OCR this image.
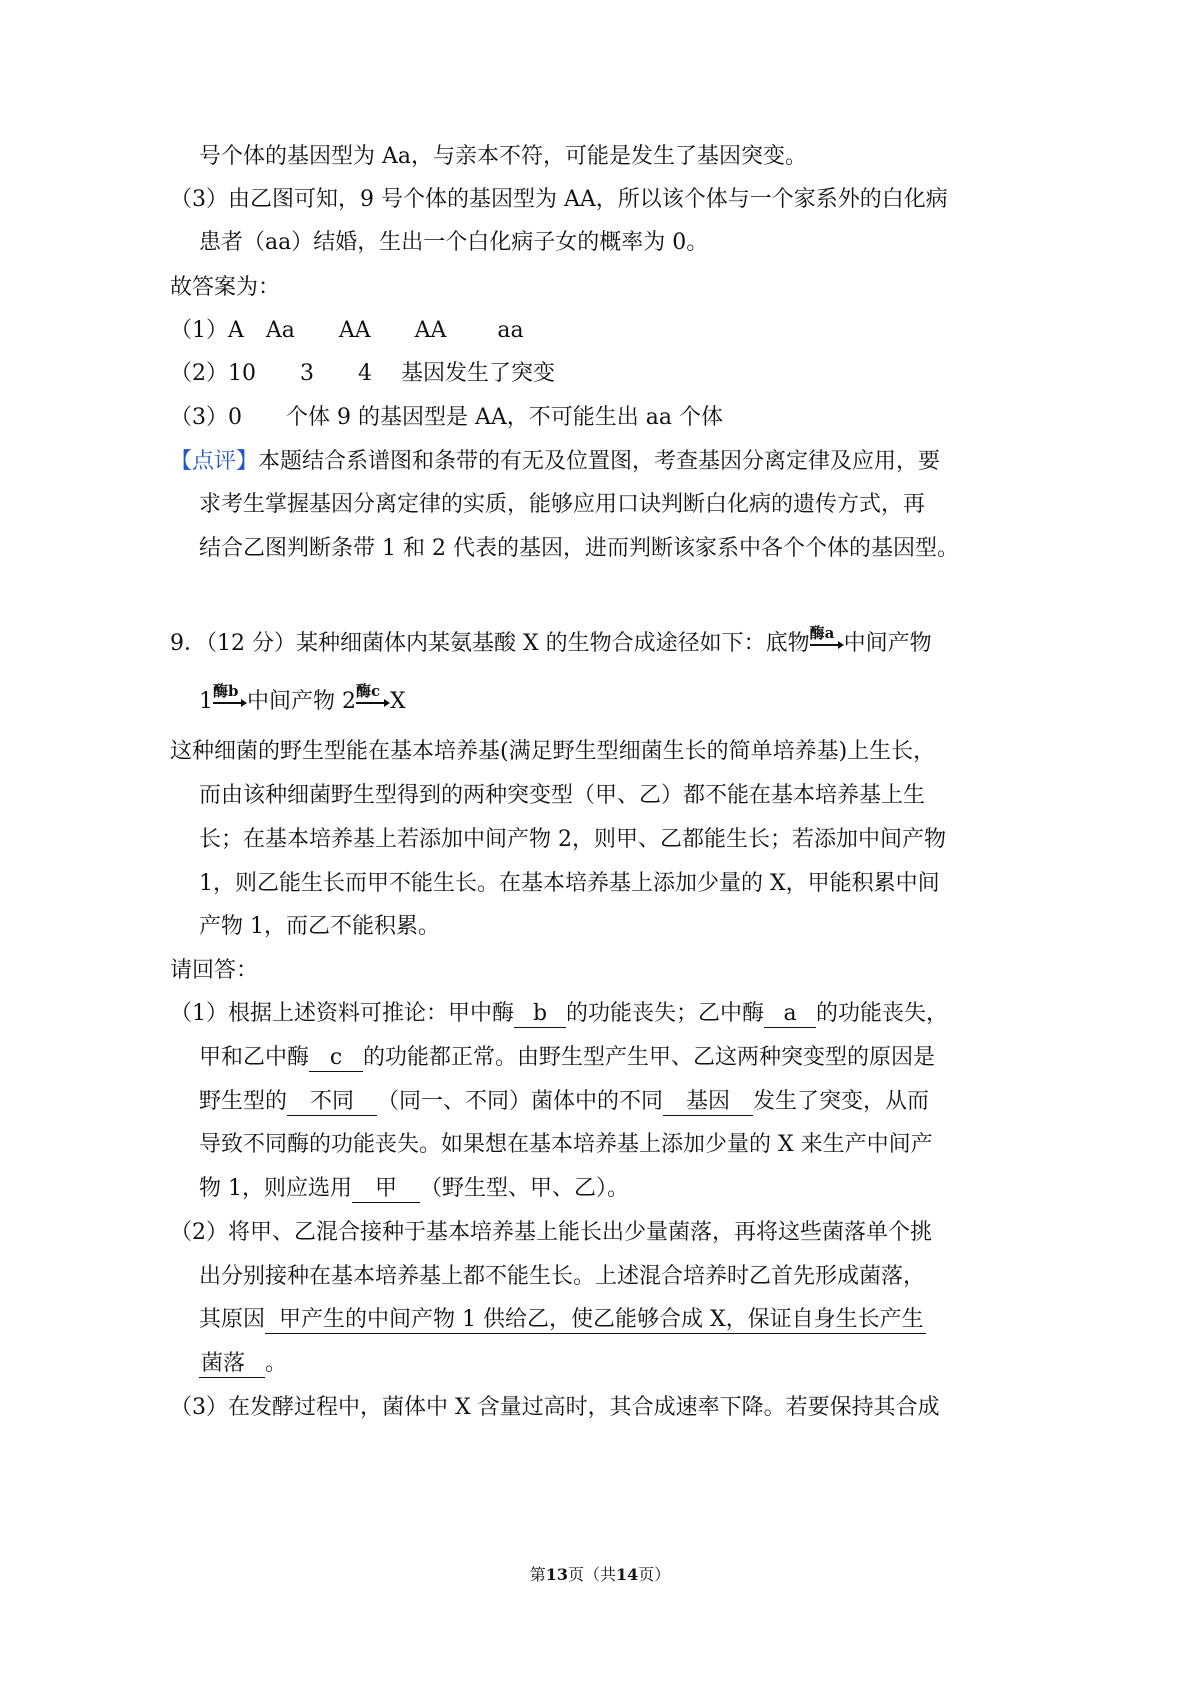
号个体的基因型为 Aa，与亲本不符，可能是发生了基因突变。
（3）由乙图可知，9 号个体的基因型为 AA，所以该个体与一个家系外的白化病
患者（aa）结婚，生出一个白化病子女的概率为 0。
故答案为：
（1）A　Aa　　AA　　AA　　 aa
（2）10　　3　　4　 基因发生了突变
（3）0　　个体 9 的基因型是 AA，不可能生出 aa 个体
【点评】本题结合系谱图和条带的有无及位置图，考查基因分离定律及应用，要
求考生掌握基因分离定律的实质，能够应用口诀判断白化病的遗传方式，再
结合乙图判断条带 1 和 2 代表的基因，进而判断该家系中各个个体的基因型。
9．（12 分）某种细菌体内某氨基酸 X 的生物合成途径如下：底物 酶a 中间产物
1 酶b 中间产物 2 酶c X
这种细菌的野生型能在基本培养基(满足野生型细菌生长的简单培养基)上生长，
而由该种细菌野生型得到的两种突变型（甲、乙）都不能在基本培养基上生
长；在基本培养基上若添加中间产物 2，则甲、乙都能生长；若添加中间产物
1，则乙能生长而甲不能生长。在基本培养基上添加少量的 X，甲能积累中间
产物 1，而乙不能积累。
请回答：
（1）根据上述资料可推论：甲中酶 b 的功能丧失；乙中酶 a 的功能丧失，
甲和乙中酶 c 的功能都正常。由野生型产生甲、乙这两种突变型的原因是
野生型的 不同 （同一、不同）菌体中的不同 基因 发生了突变，从而
导致不同酶的功能丧失。如果想在基本培养基上添加少量的 X 来生产中间产
物 1，则应选用 甲 （野生型、甲、乙）。
（2）将甲、乙混合接种于基本培养基上能长出少量菌落，再将这些菌落单个挑
出分别接种在基本培养基上都不能生长。上述混合培养时乙首先形成菌落，
其原因 甲产生的中间产物 1 供给乙，使乙能够合成 X，保证自身生长产生
菌落 。
（3）在发酵过程中，菌体中 X 含量过高时，其合成速率下降。若要保持其合成
第13页（共14页）
